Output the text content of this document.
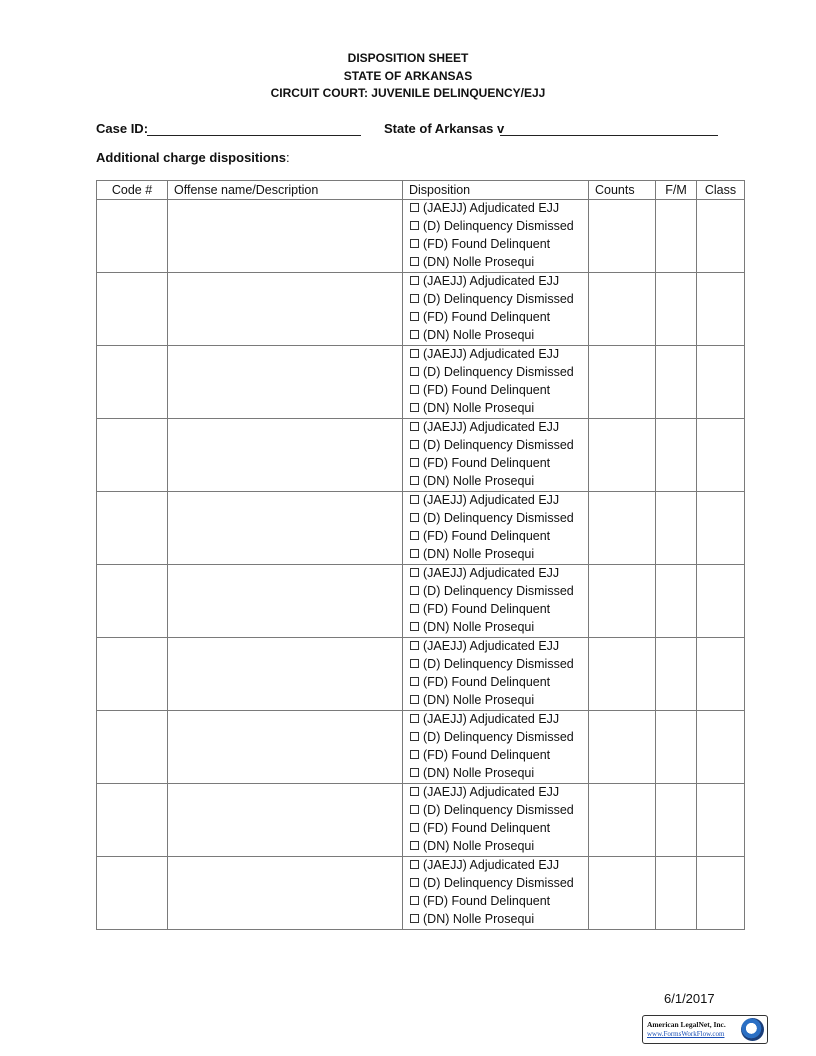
DISPOSITION SHEET
STATE OF ARKANSAS
CIRCUIT COURT: JUVENILE DELINQUENCY/EJJ
Case ID:	State of Arkansas v
Additional charge dispositions:
Code #	Offense name/Description	Disposition	Counts	F/M	Class

		(JAEJJ) Adjudicated EJJ
(D) Delinquency Dismissed
(FD) Found Delinquent
(DN) Nolle Prosequi			

		(JAEJJ) Adjudicated EJJ
(D) Delinquency Dismissed
(FD) Found Delinquent
(DN) Nolle Prosequi			

		(JAEJJ) Adjudicated EJJ
(D) Delinquency Dismissed
(FD) Found Delinquent
(DN) Nolle Prosequi			

		(JAEJJ) Adjudicated EJJ
(D) Delinquency Dismissed
(FD) Found Delinquent
(DN) Nolle Prosequi			

		(JAEJJ) Adjudicated EJJ
(D) Delinquency Dismissed
(FD) Found Delinquent
(DN) Nolle Prosequi			

		(JAEJJ) Adjudicated EJJ
(D) Delinquency Dismissed
(FD) Found Delinquent
(DN) Nolle Prosequi			

		(JAEJJ) Adjudicated EJJ
(D) Delinquency Dismissed
(FD) Found Delinquent
(DN) Nolle Prosequi			

		(JAEJJ) Adjudicated EJJ
(D) Delinquency Dismissed
(FD) Found Delinquent
(DN) Nolle Prosequi			

		(JAEJJ) Adjudicated EJJ
(D) Delinquency Dismissed
(FD) Found Delinquent
(DN) Nolle Prosequi			

		(JAEJJ) Adjudicated EJJ
(D) Delinquency Dismissed
(FD) Found Delinquent
(DN) Nolle Prosequi			

6/1/2017
American LegalNet, Inc.
www.FormsWorkFlow.com
